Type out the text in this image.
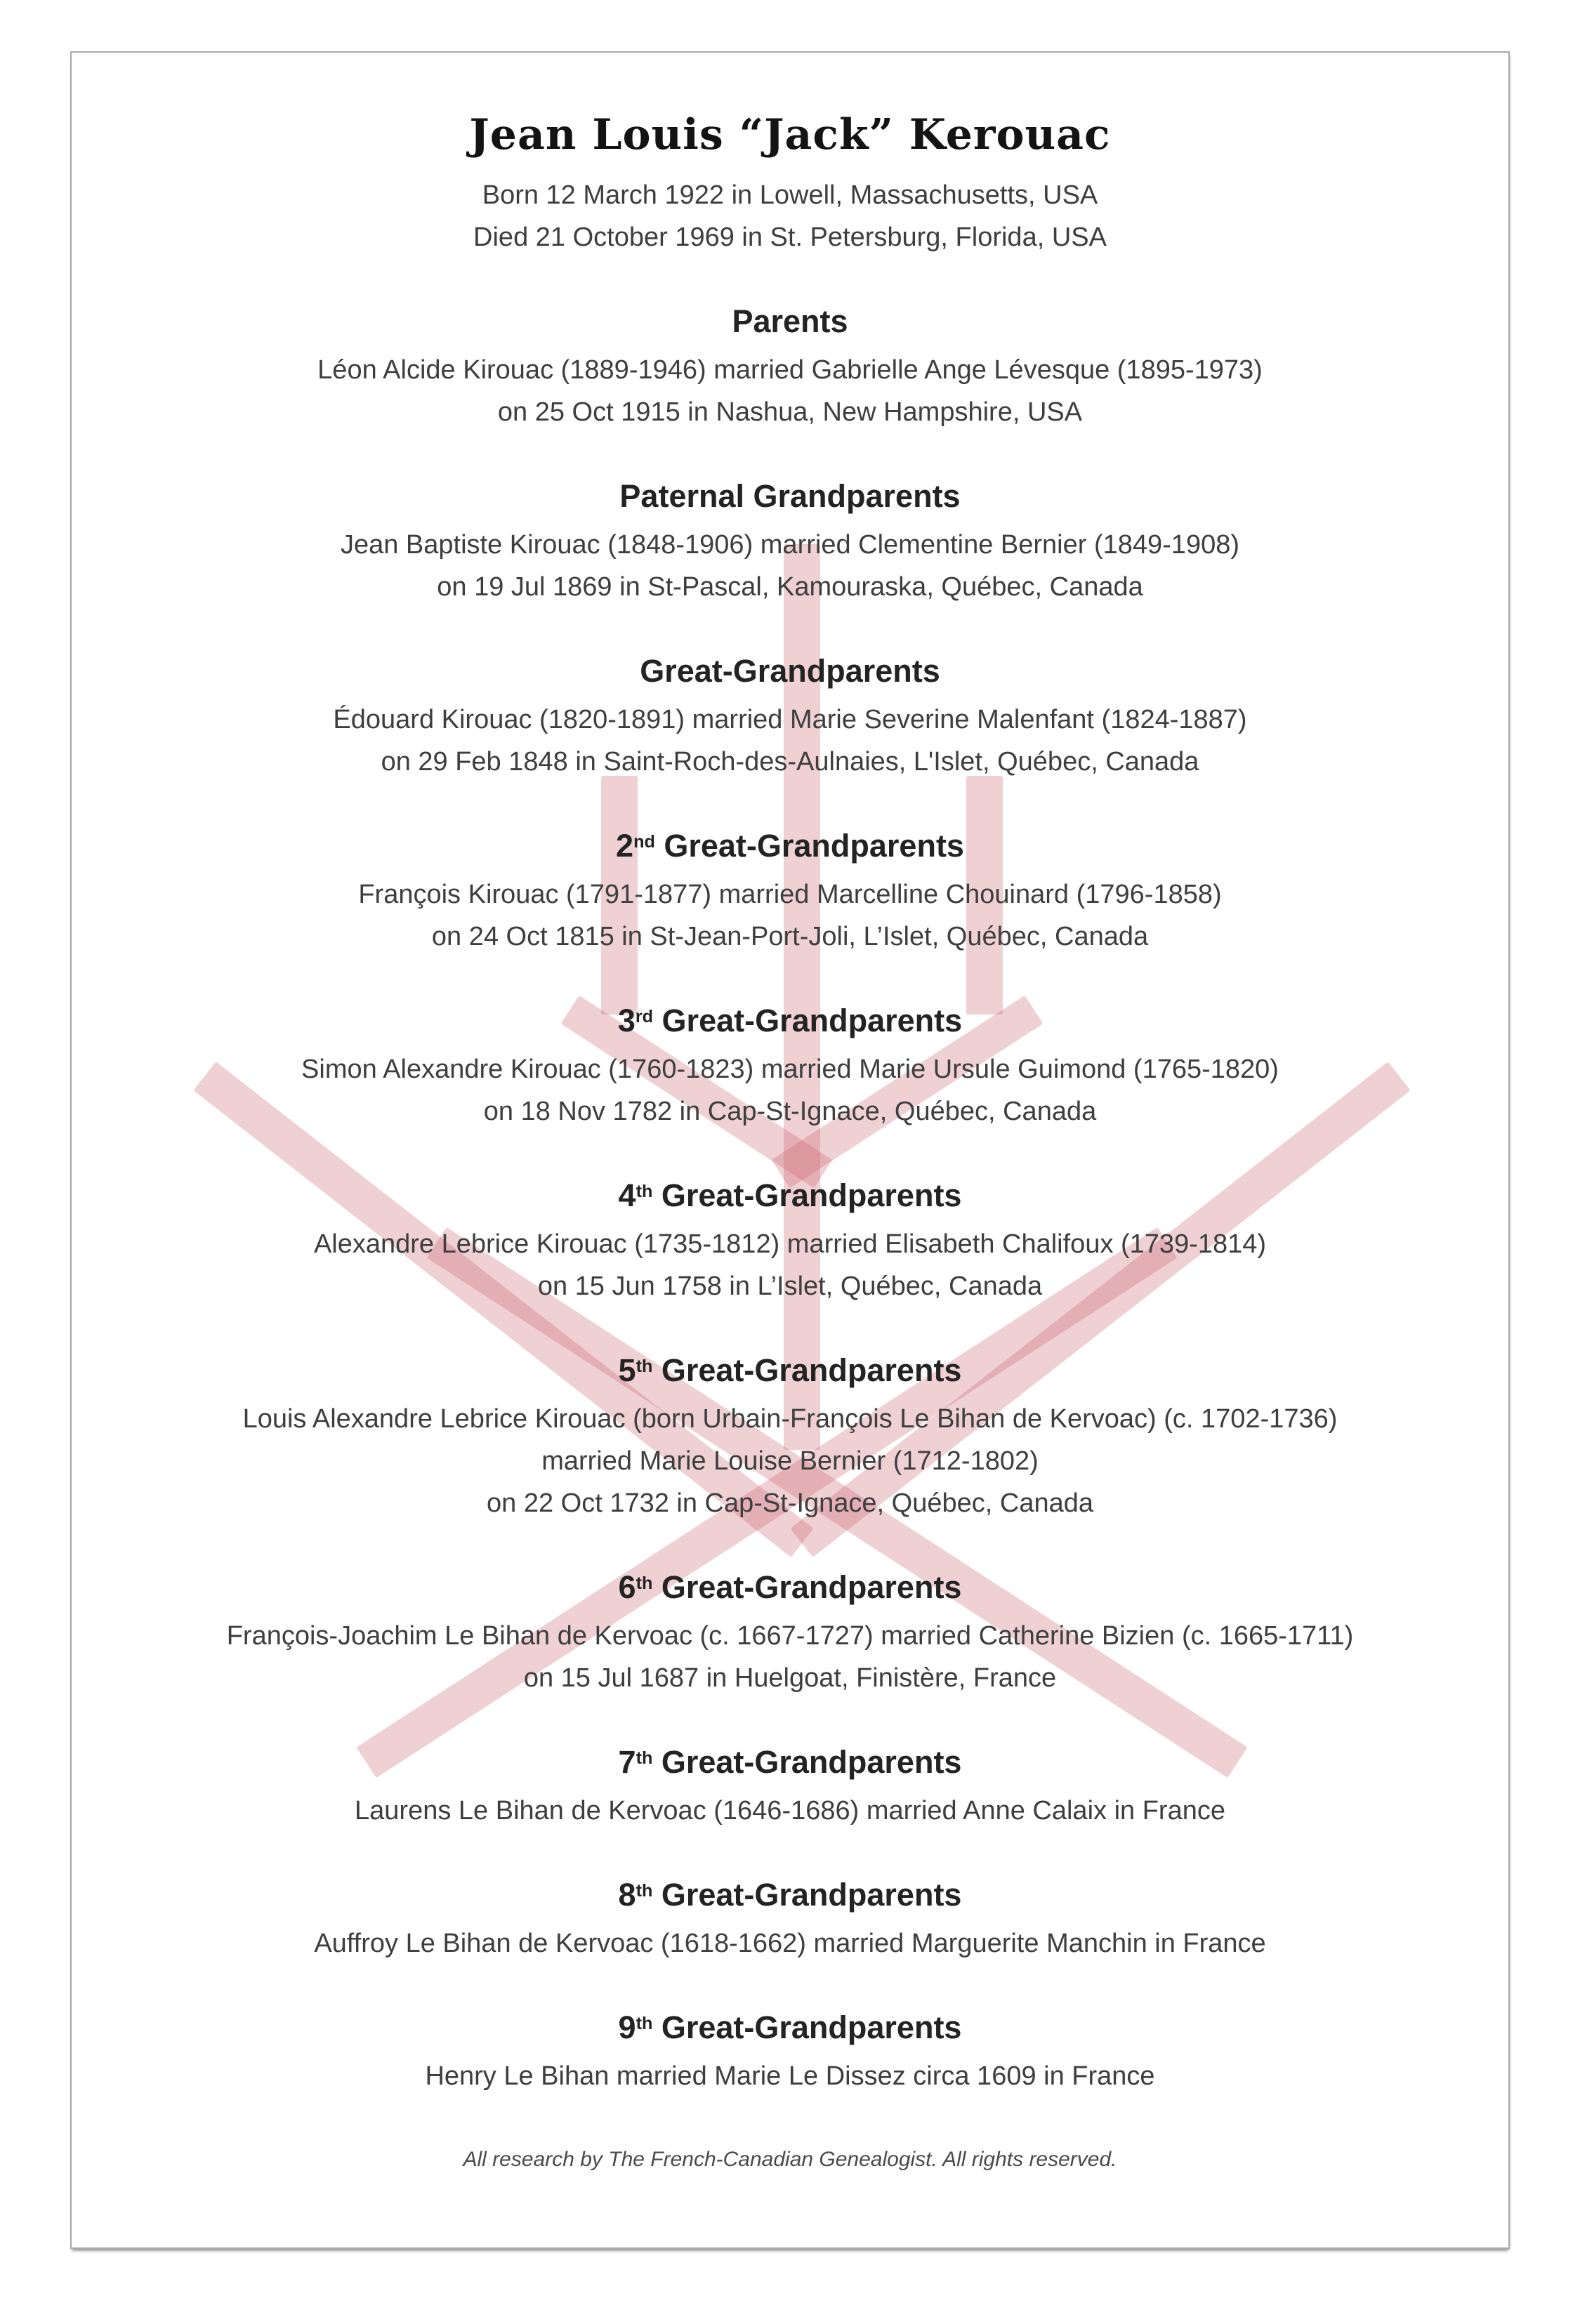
Jean Louis “Jack” Kerouac
Born 12 March 1922 in Lowell, Massachusetts, USA
Died 21 October 1969 in St. Petersburg, Florida, USA
Parents
Léon Alcide Kirouac (1889-1946) married Gabrielle Ange Lévesque (1895-1973)
on 25 Oct 1915 in Nashua, New Hampshire, USA
Paternal Grandparents
Jean Baptiste Kirouac (1848-1906) married Clementine Bernier (1849-1908)
on 19 Jul 1869 in St-Pascal, Kamouraska, Québec, Canada
Great-Grandparents
Édouard Kirouac (1820-1891) married Marie Severine Malenfant (1824-1887)
on 29 Feb 1848 in Saint-Roch-des-Aulnaies, L'Islet, Québec, Canada
2nd Great-Grandparents
François Kirouac (1791-1877) married Marcelline Chouinard (1796-1858)
on 24 Oct 1815 in St-Jean-Port-Joli, L’Islet, Québec, Canada
3rd Great-Grandparents
Simon Alexandre Kirouac (1760-1823) married Marie Ursule Guimond (1765-1820)
on 18 Nov 1782 in Cap-St-Ignace, Québec, Canada
4th Great-Grandparents
Alexandre Lebrice Kirouac (1735-1812) married Elisabeth Chalifoux (1739-1814)
on 15 Jun 1758 in L’Islet, Québec, Canada
5th Great-Grandparents
Louis Alexandre Lebrice Kirouac (born Urbain-François Le Bihan de Kervoac) (c. 1702-1736)
married Marie Louise Bernier (1712-1802)
on 22 Oct 1732 in Cap-St-Ignace, Québec, Canada
6th Great-Grandparents
François-Joachim Le Bihan de Kervoac (c. 1667-1727) married Catherine Bizien (c. 1665-1711)
on 15 Jul 1687 in Huelgoat, Finistère, France
7th Great-Grandparents
Laurens Le Bihan de Kervoac (1646-1686) married Anne Calaix in France
8th Great-Grandparents
Auffroy Le Bihan de Kervoac (1618-1662) married Marguerite Manchin in France
9th Great-Grandparents
Henry Le Bihan married Marie Le Dissez circa 1609 in France
All research by The French-Canadian Genealogist. All rights reserved.
